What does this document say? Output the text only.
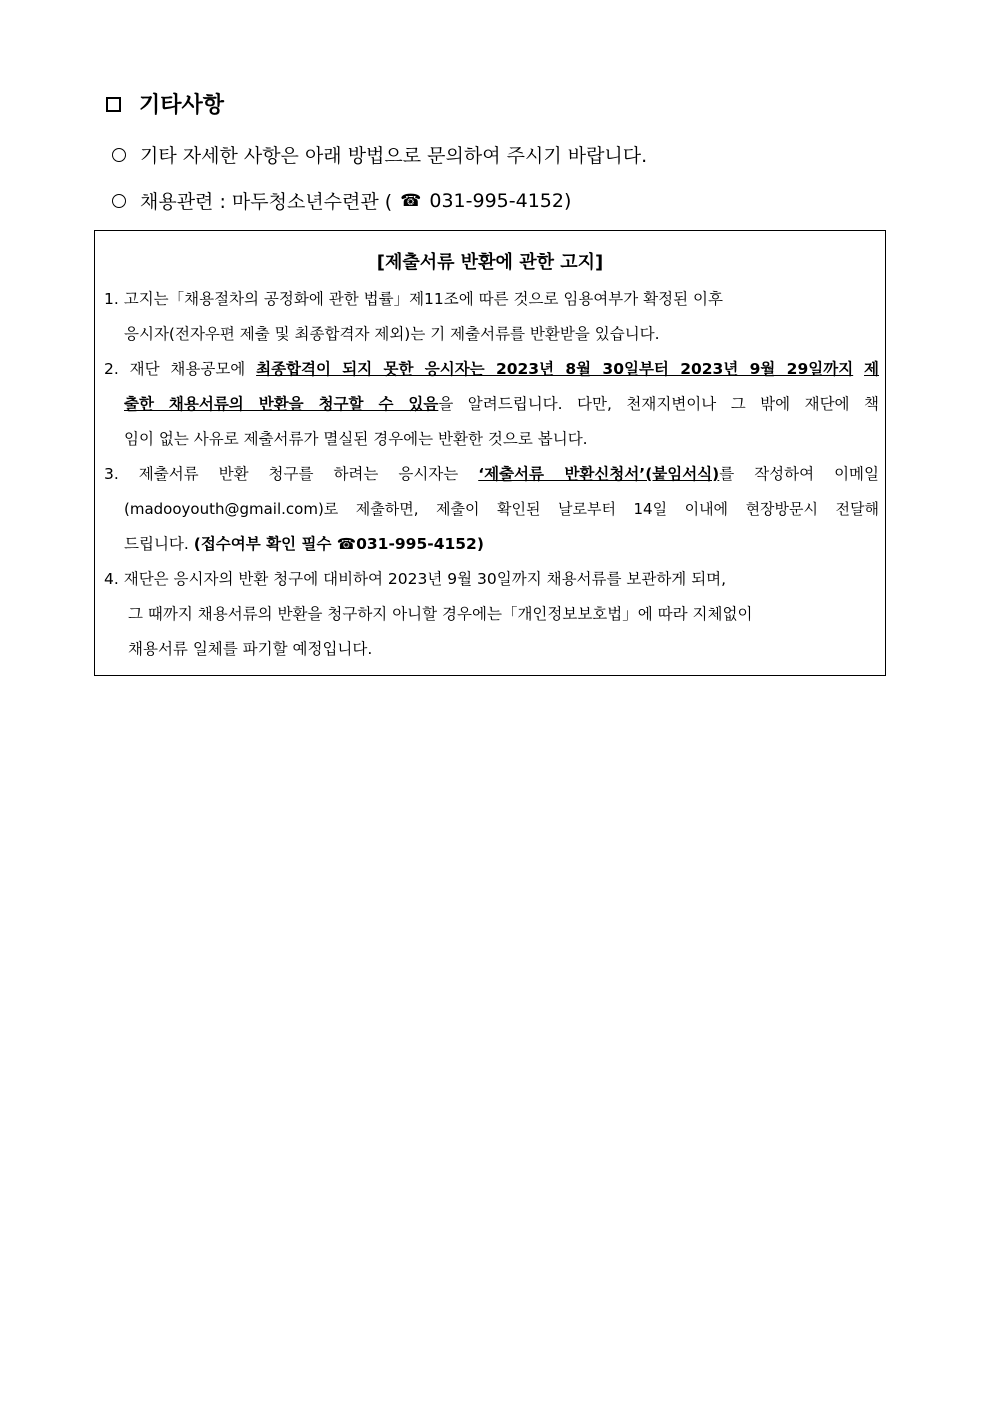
기타사항
기타 자세한 사항은 아래 방법으로 문의하여 주시기 바랍니다.
채용관련 : 마두청소년수련관 ( ☎ 031-995-4152)
[제출서류 반환에 관한 고지]
1. 고지는「채용절차의 공정화에 관한 법률」제11조에 따른 것으로 임용여부가 확정된 이후
응시자(전자우편 제출 및 최종합격자 제외)는 기 제출서류를 반환받을 있습니다.
2. 재단 채용공모에 최종합격이 되지 못한 응시자는 2023년 8월 30일부터 2023년 9월 29일까지 제
출한 채용서류의 반환을 청구할 수 있음을 알려드립니다. 다만, 천재지변이나 그 밖에 재단에 책
임이 없는 사유로 제출서류가 멸실된 경우에는 반환한 것으로 봅니다.
3. 제출서류 반환 청구를 하려는 응시자는 ‘제출서류 반환신청서’(붙임서식)를 작성하여 이메일
(madooyouth@gmail.com)로 제출하면, 제출이 확인된 날로부터 14일 이내에 현장방문시 전달해
드립니다. (접수여부 확인 필수 ☎031-995-4152)
4. 재단은 응시자의 반환 청구에 대비하여 2023년 9월 30일까지 채용서류를 보관하게 되며,
그 때까지 채용서류의 반환을 청구하지 아니할 경우에는「개인정보보호법」에 따라 지체없이
채용서류 일체를 파기할 예정입니다.
